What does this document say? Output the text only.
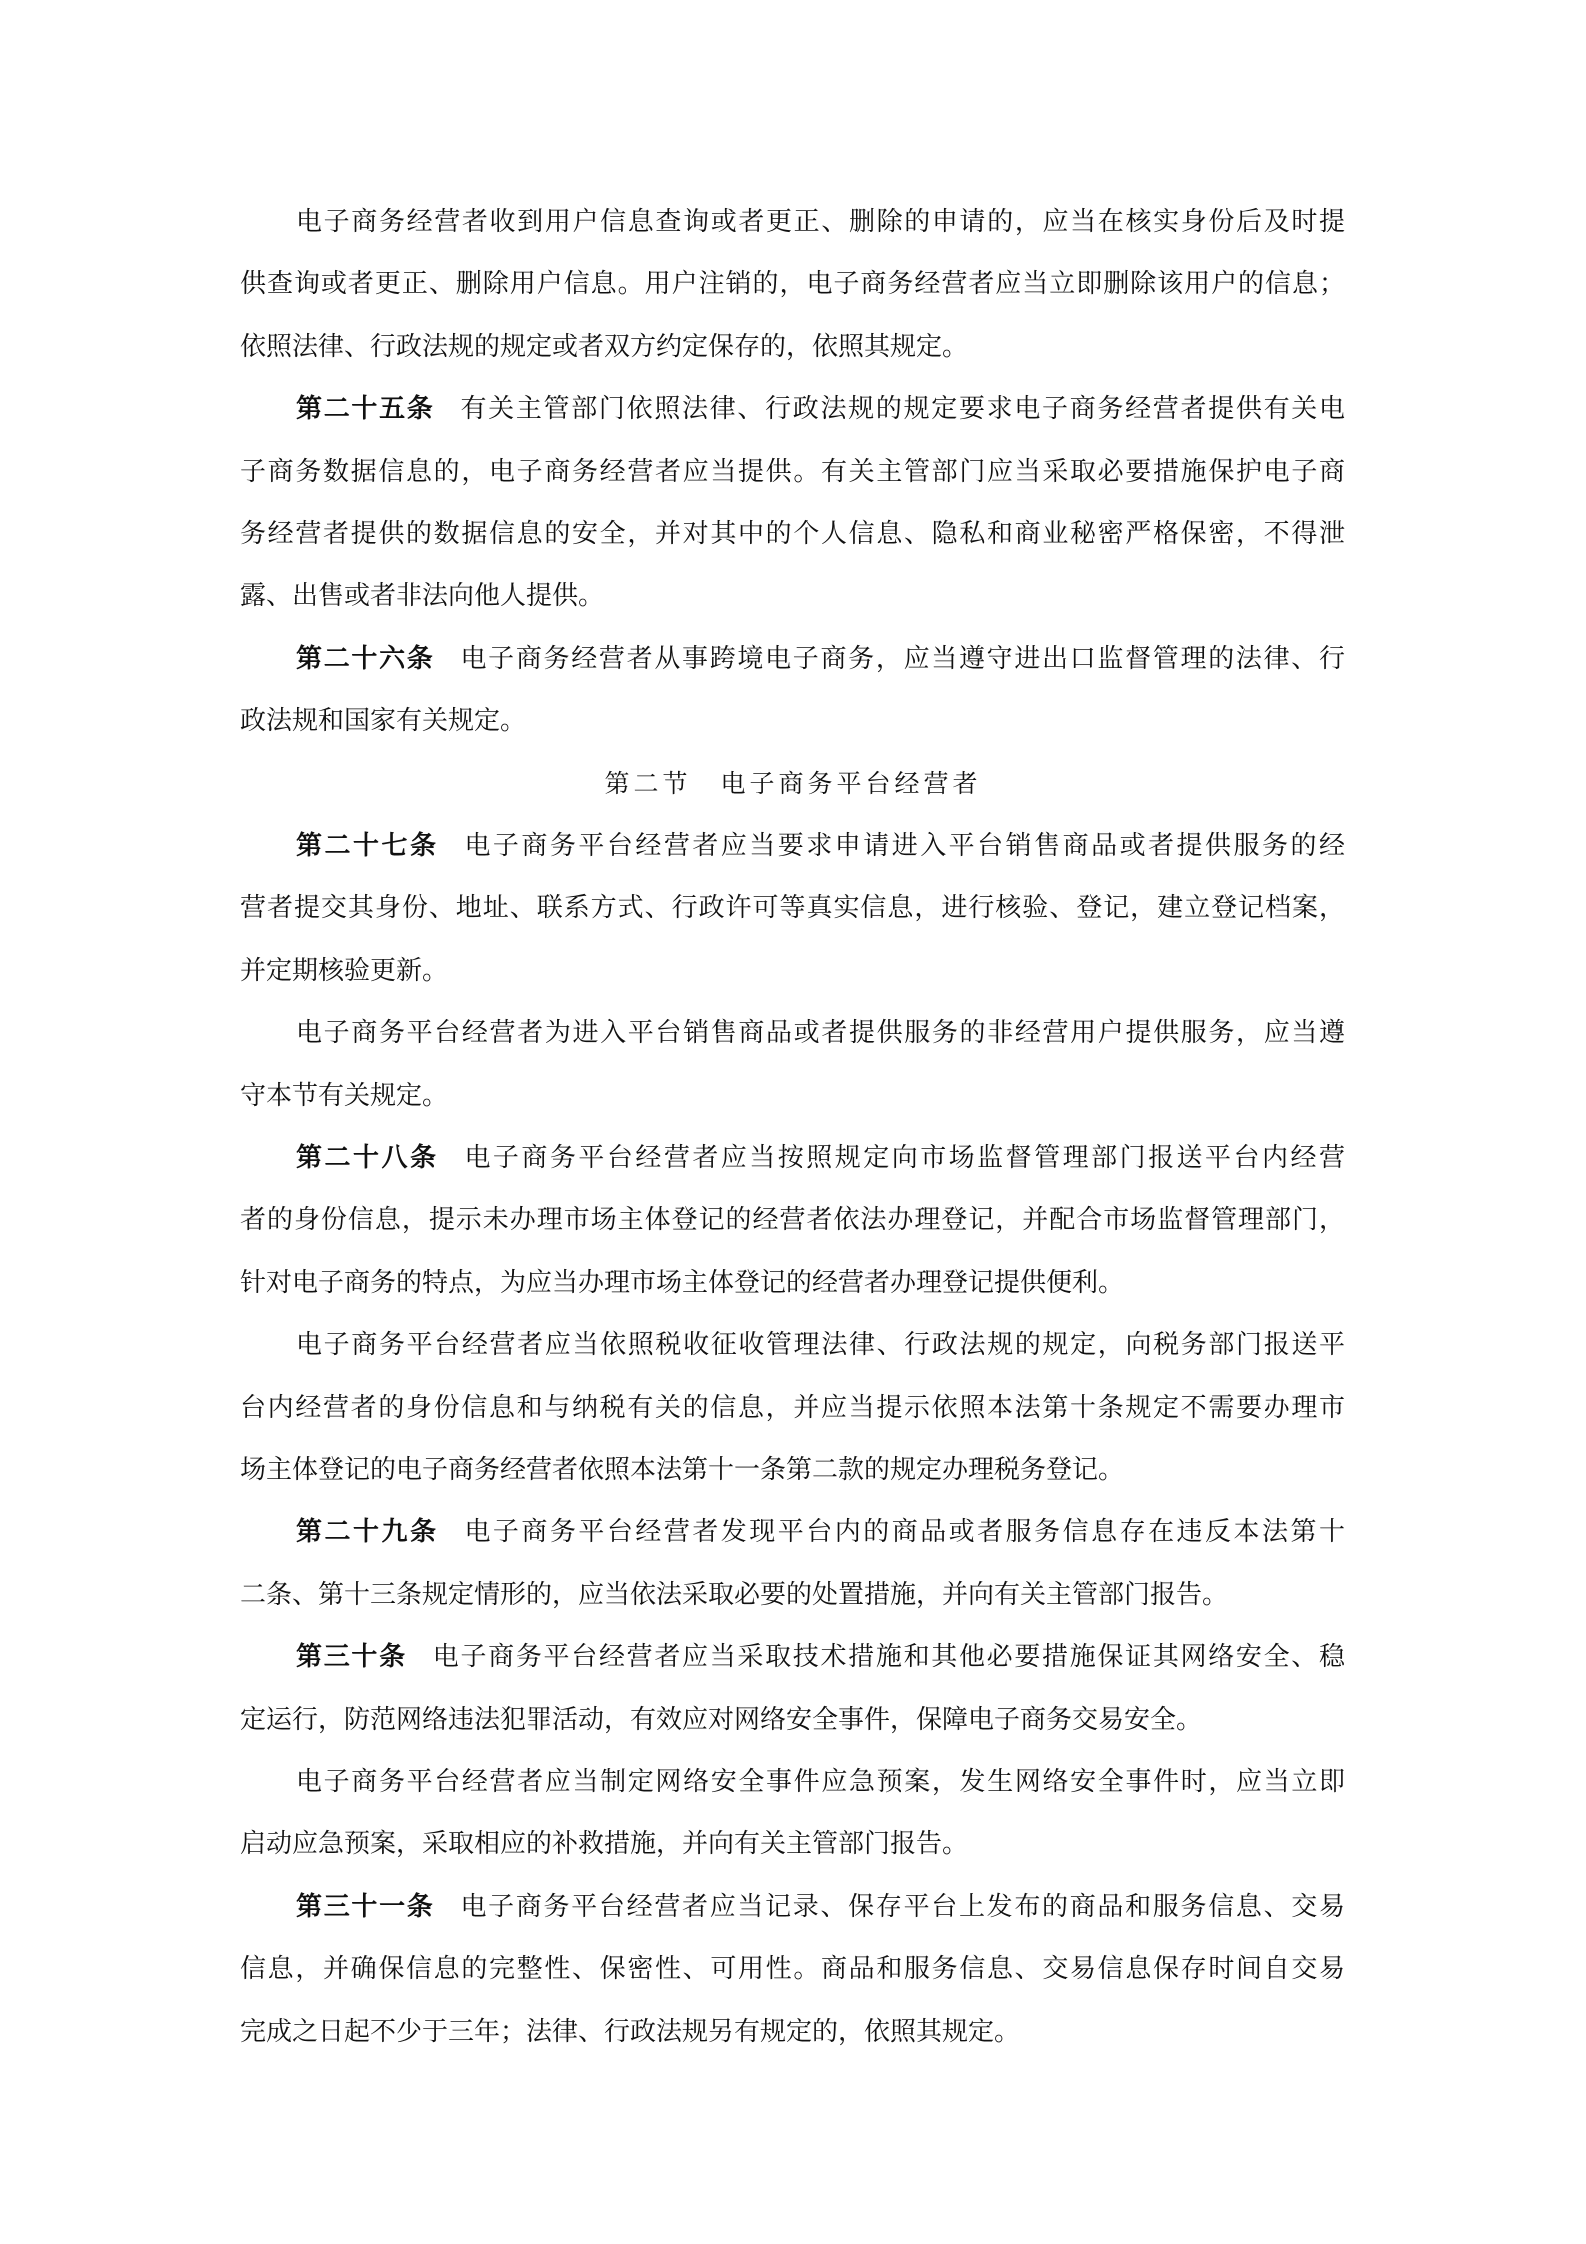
电子商务经营者收到用户信息查询或者更正、删除的申请的，应当在核实身份后及时提
供查询或者更正、删除用户信息。用户注销的，电子商务经营者应当立即删除该用户的信息；
依照法律、行政法规的规定或者双方约定保存的，依照其规定。
第二十五条 有关主管部门依照法律、行政法规的规定要求电子商务经营者提供有关电
子商务数据信息的，电子商务经营者应当提供。有关主管部门应当采取必要措施保护电子商
务经营者提供的数据信息的安全，并对其中的个人信息、隐私和商业秘密严格保密，不得泄
露、出售或者非法向他人提供。
第二十六条 电子商务经营者从事跨境电子商务，应当遵守进出口监督管理的法律、行
政法规和国家有关规定。
第二节　电子商务平台经营者
第二十七条 电子商务平台经营者应当要求申请进入平台销售商品或者提供服务的经
营者提交其身份、地址、联系方式、行政许可等真实信息，进行核验、登记，建立登记档案，
并定期核验更新。
电子商务平台经营者为进入平台销售商品或者提供服务的非经营用户提供服务，应当遵
守本节有关规定。
第二十八条 电子商务平台经营者应当按照规定向市场监督管理部门报送平台内经营
者的身份信息，提示未办理市场主体登记的经营者依法办理登记，并配合市场监督管理部门，
针对电子商务的特点，为应当办理市场主体登记的经营者办理登记提供便利。
电子商务平台经营者应当依照税收征收管理法律、行政法规的规定，向税务部门报送平
台内经营者的身份信息和与纳税有关的信息，并应当提示依照本法第十条规定不需要办理市
场主体登记的电子商务经营者依照本法第十一条第二款的规定办理税务登记。
第二十九条 电子商务平台经营者发现平台内的商品或者服务信息存在违反本法第十
二条、第十三条规定情形的，应当依法采取必要的处置措施，并向有关主管部门报告。
第三十条 电子商务平台经营者应当采取技术措施和其他必要措施保证其网络安全、稳
定运行，防范网络违法犯罪活动，有效应对网络安全事件，保障电子商务交易安全。
电子商务平台经营者应当制定网络安全事件应急预案，发生网络安全事件时，应当立即
启动应急预案，采取相应的补救措施，并向有关主管部门报告。
第三十一条 电子商务平台经营者应当记录、保存平台上发布的商品和服务信息、交易
信息，并确保信息的完整性、保密性、可用性。商品和服务信息、交易信息保存时间自交易
完成之日起不少于三年；法律、行政法规另有规定的，依照其规定。
